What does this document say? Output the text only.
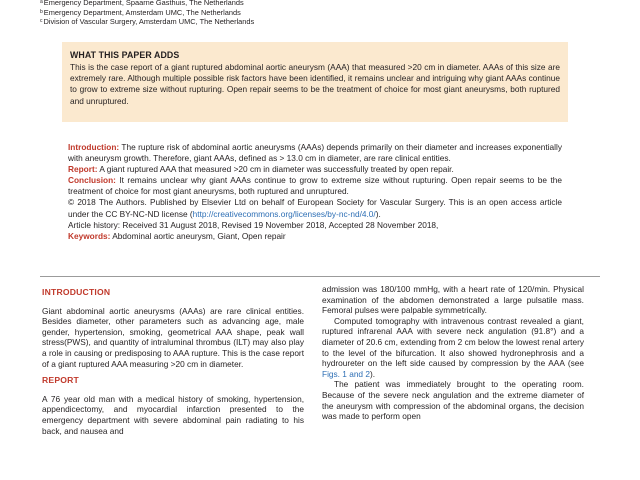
$^a$Emergency Department, Spaarne Gasthuis, The Netherlands
$^b$Emergency Department, Amsterdam UMC, The Netherlands
$^c$Division of Vascular Surgery, Amsterdam UMC, The Netherlands
WHAT THIS PAPER ADDS
This is the case report of a giant ruptured abdominal aortic aneurysm (AAA) that measured >20 cm in diameter. AAAs of this size are extremely rare. Although multiple possible risk factors have been identified, it remains unclear and intriguing why giant AAAs continue to grow to extreme size without rupturing. Open repair seems to be the treatment of choice for most giant aneurysms, both ruptured and unruptured.

Introduction: The rupture risk of abdominal aortic aneurysms (AAAs) depends primarily on their diameter and increases exponentially with aneurysm growth. Therefore, giant AAAs, defined as > 13.0 cm in diameter, are rare clinical entities.

Report: A giant ruptured AAA that measured >20 cm in diameter was successfully treated by open repair.

Conclusion: It remains unclear why giant AAAs continue to grow to extreme size without rupturing. Open repair seems to be the treatment of choice for most giant aneurysms, both ruptured and unruptured.

© 2018 The Authors. Published by Elsevier Ltd on behalf of European Society for Vascular Surgery. This is an open access article under the CC BY-NC-ND license (http://creativecommons.org/licenses/by-nc-nd/4.0/).

Article history: Received 31 August 2018, Revised 19 November 2018, Accepted 28 November 2018,

Keywords: Abdominal aortic aneurysm, Giant, Open repair

INTRODUCTION

Giant abdominal aortic aneurysms (AAAs) are rare clinical entities. Besides diameter, other parameters such as advancing age, male gender, hypertension, smoking, geometrical AAA shape, peak wall stress(PWS), and quantity of intraluminal thrombus (ILT) may also play a role in causing or predisposing to AAA rupture. This is the case report of a giant ruptured AAA measuring >20 cm in diameter.

REPORT

A 76 year old man with a medical history of smoking, hypertension, appendicectomy, and myocardial infarction presented to the emergency department with severe abdominal pain radiating to his back, and nausea and

admission was 180/100 mmHg, with a heart rate of 120/min. Physical examination of the abdomen demonstrated a large pulsatile mass. Femoral pulses were palpable symmetrically.

Computed tomography with intravenous contrast revealed a giant, ruptured infrarenal AAA with severe neck angulation (91.8°) and a diameter of 20.6 cm, extending from 2 cm below the lowest renal artery to the level of the bifurcation. It also showed hydronephrosis and a hydroureter on the left side caused by compression by the AAA (see Figs. 1 and 2).

The patient was immediately brought to the operating room. Because of the severe neck angulation and the extreme diameter of the aneurysm with compression of the abdominal organs, the decision was made to perform open
